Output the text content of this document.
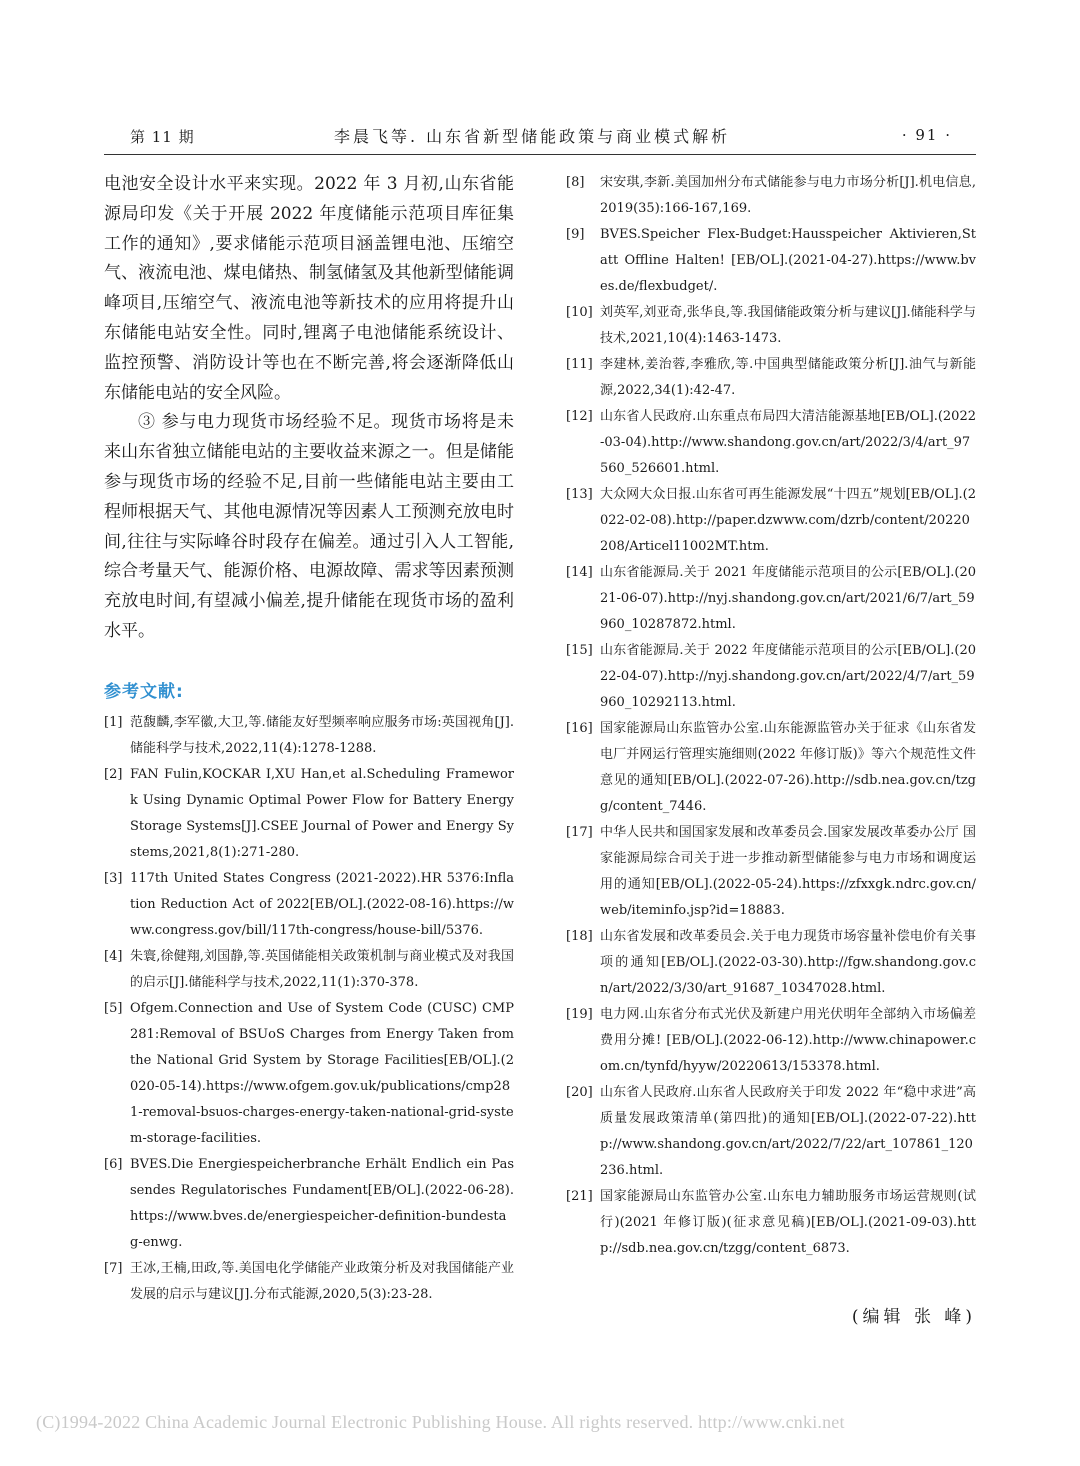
第 11 期	李晨飞等. 山东省新型储能政策与商业模式解析	· 91 ·

电池安全设计水平来实现。2022 年 3 月初,山东省能源局印发《关于开展 2022 年度储能示范项目库征集工作的通知》,要求储能示范项目涵盖锂电池、压缩空气、液流电池、煤电储热、制氢储氢及其他新型储能调峰项目,压缩空气、液流电池等新技术的应用将提升山东储能电站安全性。同时,锂离子电池储能系统设计、监控预警、消防设计等也在不断完善,将会逐渐降低山东储能电站的安全风险。

③ 参与电力现货市场经验不足。现货市场将是未来山东省独立储能电站的主要收益来源之一。但是储能参与现货市场的经验不足,目前一些储能电站主要由工程师根据天气、其他电源情况等因素人工预测充放电时间,往往与实际峰谷时段存在偏差。通过引入人工智能,综合考量天气、能源价格、电源故障、需求等因素预测充放电时间,有望减小偏差,提升储能在现货市场的盈利水平。

参考文献:
[1] 范馥麟,李军徽,大卫,等.储能友好型频率响应服务市场:英国视角[J].储能科学与技术,2022,11(4):1278-1288.
[2] FAN Fulin,KOCKAR I,XU Han,et al.Scheduling Framework Using Dynamic Optimal Power Flow for Battery Energy Storage Systems[J].CSEE Journal of Power and Energy Systems,2021,8(1):271-280.
[3] 117th United States Congress (2021-2022).HR 5376:Inflation Reduction Act of 2022[EB/OL].(2022-08-16).https://www.congress.gov/bill/117th-congress/house-bill/5376.
[4] 朱寰,徐健翔,刘国静,等.英国储能相关政策机制与商业模式及对我国的启示[J].储能科学与技术,2022,11(1):370-378.
[5] Ofgem.Connection and Use of System Code (CUSC) CMP281:Removal of BSUoS Charges from Energy Taken from the National Grid System by Storage Facilities[EB/OL].(2020-05-14).https://www.ofgem.gov.uk/publications/cmp281-removal-bsuos-charges-energy-taken-national-grid-system-storage-facilities.
[6] BVES.Die Energiespeicherbranche Erhält Endlich ein Passendes Regulatorisches Fundament[EB/OL].(2022-06-28).https://www.bves.de/energiespeicher-definition-bundestag-enwg.
[7] 王冰,王楠,田政,等.美国电化学储能产业政策分析及对我国储能产业发展的启示与建议[J].分布式能源,2020,5(3):23-28.
[8] 宋安琪,李新.美国加州分布式储能参与电力市场分析[J].机电信息,2019(35):166-167,169.
[9] BVES.Speicher Flex-Budget:Hausspeicher Aktivieren,Statt Offline Halten! [EB/OL].(2021-04-27).https://www.bves.de/flexbudget/.
[10] 刘英军,刘亚奇,张华良,等.我国储能政策分析与建议[J].储能科学与技术,2021,10(4):1463-1473.
[11] 李建林,姜治蓉,李雅欣,等.中国典型储能政策分析[J].油气与新能源,2022,34(1):42-47.
[12] 山东省人民政府.山东重点布局四大清洁能源基地[EB/OL].(2022-03-04).http://www.shandong.gov.cn/art/2022/3/4/art_97560_526601.html.
[13] 大众网大众日报.山东省可再生能源发展“十四五”规划[EB/OL].(2022-02-08).http://paper.dzwww.com/dzrb/content/20220208/Articel11002MT.htm.
[14] 山东省能源局.关于 2021 年度储能示范项目的公示[EB/OL].(2021-06-07).http://nyj.shandong.gov.cn/art/2021/6/7/art_59960_10287872.html.
[15] 山东省能源局.关于 2022 年度储能示范项目的公示[EB/OL].(2022-04-07).http://nyj.shandong.gov.cn/art/2022/4/7/art_59960_10292113.html.
[16] 国家能源局山东监管办公室.山东能源监管办关于征求《山东省发电厂并网运行管理实施细则(2022 年修订版)》等六个规范性文件意见的通知[EB/OL].(2022-07-26).http://sdb.nea.gov.cn/tzgg/content_7446.
[17] 中华人民共和国国家发展和改革委员会.国家发展改革委办公厅 国家能源局综合司关于进一步推动新型储能参与电力市场和调度运用的通知[EB/OL].(2022-05-24).https://zfxxgk.ndrc.gov.cn/web/iteminfo.jsp?id=18883.
[18] 山东省发展和改革委员会.关于电力现货市场容量补偿电价有关事项的通知[EB/OL].(2022-03-30).http://fgw.shandong.gov.cn/art/2022/3/30/art_91687_10347028.html.
[19] 电力网.山东省分布式光伏及新建户用光伏明年全部纳入市场偏差费用分摊! [EB/OL].(2022-06-12).http://www.chinapower.com.cn/tynfd/hyyw/20220613/153378.html.
[20] 山东省人民政府.山东省人民政府关于印发 2022 年“稳中求进”高质量发展政策清单(第四批)的通知[EB/OL].(2022-07-22).http://www.shandong.gov.cn/art/2022/7/22/art_107861_120236.html.
[21] 国家能源局山东监管办公室.山东电力辅助服务市场运营规则(试行)(2021 年修订版)(征求意见稿)[EB/OL].(2021-09-03).http://sdb.nea.gov.cn/tzgg/content_6873.
(编辑 张 峰)
(C)1994-2022 China Academic Journal Electronic Publishing House. All rights reserved. http://www.cnki.net
